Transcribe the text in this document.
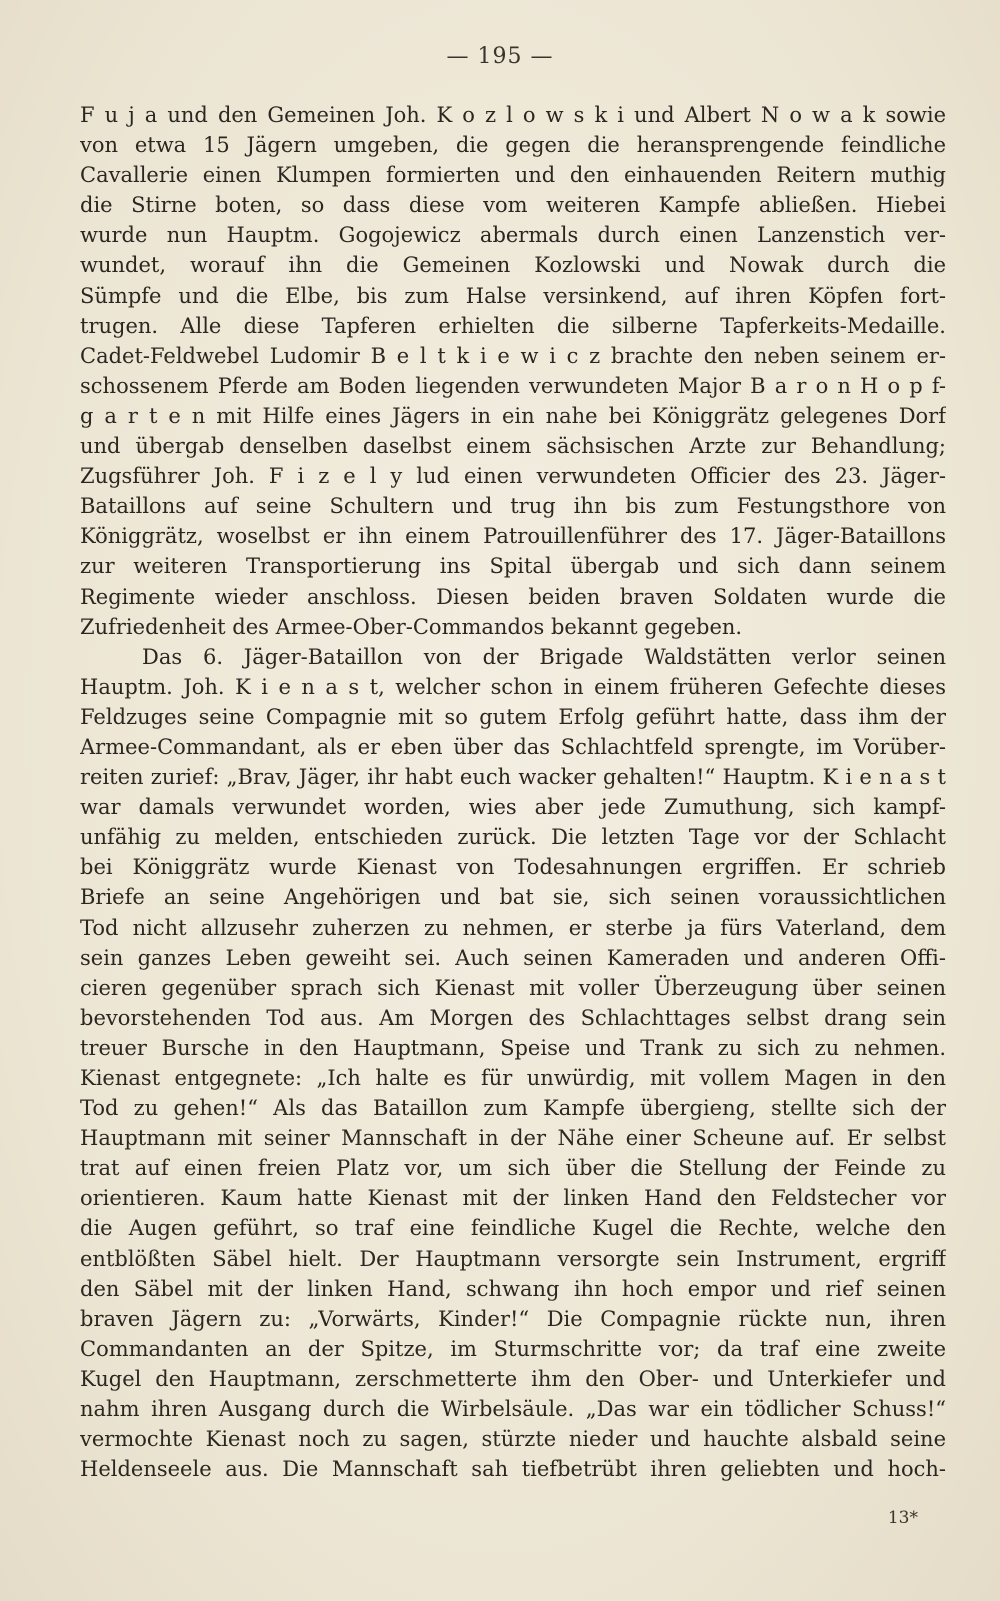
— 195 —
F u j a und den Gemeinen Joh. K o z l o w s k i und Albert N o w a k sowie
von etwa 15 Jägern umgeben, die gegen die heransprengende feindliche
Cavallerie einen Klumpen formierten und den einhauenden Reitern muthig
die Stirne boten, so dass diese vom weiteren Kampfe abließen. Hiebei
wurde nun Hauptm. Gogojewicz abermals durch einen Lanzenstich ver-
wundet, worauf ihn die Gemeinen Kozlowski und Nowak durch die
Sümpfe und die Elbe, bis zum Halse versinkend, auf ihren Köpfen fort-
trugen. Alle diese Tapferen erhielten die silberne Tapferkeits-Medaille.
Cadet-Feldwebel Ludomir B e l t k i e w i c z brachte den neben seinem er-
schossenem Pferde am Boden liegenden verwundeten Major B a r o n H o p f-
g a r t e n mit Hilfe eines Jägers in ein nahe bei Königgrätz gelegenes Dorf
und übergab denselben daselbst einem sächsischen Arzte zur Behandlung;
Zugsführer Joh. F i z e l y lud einen verwundeten Officier des 23. Jäger-
Bataillons auf seine Schultern und trug ihn bis zum Festungsthore von
Königgrätz, woselbst er ihn einem Patrouillenführer des 17. Jäger-Bataillons
zur weiteren Transportierung ins Spital übergab und sich dann seinem
Regimente wieder anschloss. Diesen beiden braven Soldaten wurde die
Zufriedenheit des Armee-Ober-Commandos bekannt gegeben.
Das 6. Jäger-Bataillon von der Brigade Waldstätten verlor seinen
Hauptm. Joh. K i e n a s t, welcher schon in einem früheren Gefechte dieses
Feldzuges seine Compagnie mit so gutem Erfolg geführt hatte, dass ihm der
Armee-Commandant, als er eben über das Schlachtfeld sprengte, im Vorüber-
reiten zurief: „Brav, Jäger, ihr habt euch wacker gehalten!“ Hauptm. K i e n a s t
war damals verwundet worden, wies aber jede Zumuthung, sich kampf-
unfähig zu melden, entschieden zurück. Die letzten Tage vor der Schlacht
bei Königgrätz wurde Kienast von Todesahnungen ergriffen. Er schrieb
Briefe an seine Angehörigen und bat sie, sich seinen voraussichtlichen
Tod nicht allzusehr zuherzen zu nehmen, er sterbe ja fürs Vaterland, dem
sein ganzes Leben geweiht sei. Auch seinen Kameraden und anderen Offi-
cieren gegenüber sprach sich Kienast mit voller Überzeugung über seinen
bevorstehenden Tod aus. Am Morgen des Schlachttages selbst drang sein
treuer Bursche in den Hauptmann, Speise und Trank zu sich zu nehmen.
Kienast entgegnete: „Ich halte es für unwürdig, mit vollem Magen in den
Tod zu gehen!“ Als das Bataillon zum Kampfe übergieng, stellte sich der
Hauptmann mit seiner Mannschaft in der Nähe einer Scheune auf. Er selbst
trat auf einen freien Platz vor, um sich über die Stellung der Feinde zu
orientieren. Kaum hatte Kienast mit der linken Hand den Feldstecher vor
die Augen geführt, so traf eine feindliche Kugel die Rechte, welche den
entblößten Säbel hielt. Der Hauptmann versorgte sein Instrument, ergriff
den Säbel mit der linken Hand, schwang ihn hoch empor und rief seinen
braven Jägern zu: „Vorwärts, Kinder!“ Die Compagnie rückte nun, ihren
Commandanten an der Spitze, im Sturmschritte vor; da traf eine zweite
Kugel den Hauptmann, zerschmetterte ihm den Ober- und Unterkiefer und
nahm ihren Ausgang durch die Wirbelsäule. „Das war ein tödlicher Schuss!“
vermochte Kienast noch zu sagen, stürzte nieder und hauchte alsbald seine
Heldenseele aus. Die Mannschaft sah tiefbetrübt ihren geliebten und hoch-
13*
